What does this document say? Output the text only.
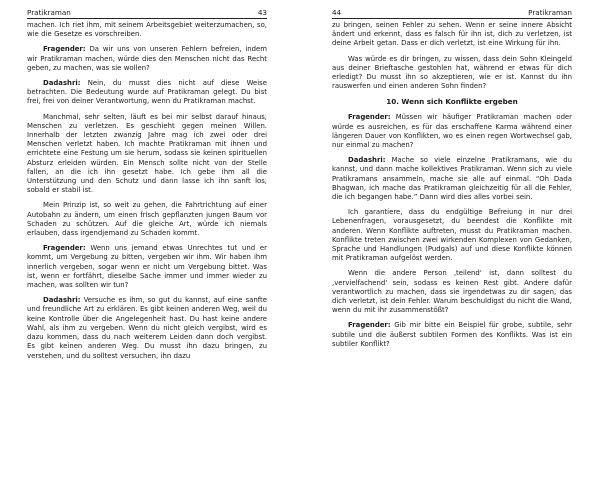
Pratikraman	43

machen. Ich riet ihm, mit seinem Arbeitsgebiet weiterzumachen, so, wie die Gesetze es vorschreiben.

Fragender: Da wir uns von unseren Fehlern befreien, indem wir Pratikraman machen, würde dies den Menschen nicht das Recht geben, zu machen, was sie wollen?

Dadashri: Nein, du musst dies nicht auf diese Weise betrachten. Die Bedeutung wurde auf Pratikraman gelegt. Du bist frei, frei von deiner Verantwortung, wenn du Pratikraman machst.

Manchmal, sehr selten, läuft es bei mir selbst darauf hinaus, Menschen zu verletzen. Es geschieht gegen meinen Willen. Innerhalb der letzten zwanzig Jahre mag ich zwei oder drei Menschen verletzt haben. Ich machte Pratikraman mit ihnen und errichtete eine Festung um sie herum, sodass sie keinen spirituellen Absturz erleiden würden. Ein Mensch sollte nicht von der Stelle fallen, an die ich ihn gesetzt habe. Ich gebe ihm all die Unterstützung und den Schutz und dann lasse ich ihn sanft los, sobald er stabil ist.

Mein Prinzip ist, so weit zu gehen, die Fahrtrichtung auf einer Autobahn zu ändern, um einen frisch gepflanzten jungen Baum vor Schaden zu schützen. Auf die gleiche Art, würde ich niemals erlauben, dass irgendjemand zu Schaden kommt.

Fragender: Wenn uns jemand etwas Unrechtes tut und er kommt, um Vergebung zu bitten, vergeben wir ihm. Wir haben ihm innerlich vergeben, sogar wenn er nicht um Vergebung bittet. Was ist, wenn er fortfährt, dieselbe Sache immer und immer wieder zu machen, was sollten wir tun?

Dadashri: Versuche es ihm, so gut du kannst, auf eine sanfte und freundliche Art zu erklären. Es gibt keinen anderen Weg, weil du keine Kontrolle über die Angelegenheit hast. Du hast keine andere Wahl, als ihm zu vergeben. Wenn du nicht gleich vergibst, wird es dazu kommen, dass du nach weiterem Leiden dann doch vergibst. Es gibt keinen anderen Weg. Du musst ihn dazu bringen, zu verstehen, und du solltest versuchen, ihn dazu

44	Pratikraman

zu bringen, seinen Fehler zu sehen. Wenn er seine innere Absicht ändert und erkennt, dass es falsch für ihn ist, dich zu verletzen, ist deine Arbeit getan. Dass er dich verletzt, ist eine Wirkung für ihn.

Was würde es dir bringen, zu wissen, dass dein Sohn Kleingeld aus deiner Brieftasche gestohlen hat, während er etwas für dich erledigt? Du musst ihn so akzeptieren, wie er ist. Kannst du ihn rauswerfen und einen anderen Sohn finden?

10. Wenn sich Konflikte ergeben

Fragender: Müssen wir häufiger Pratikraman machen oder würde es ausreichen, es für das erschaffene Karma während einer längeren Dauer von Konflikten, wo es einen regen Wortwechsel gab, nur einmal zu machen?

Dadashri: Mache so viele einzelne Pratikramans, wie du kannst, und dann mache kollektives Pratikraman. Wenn sich zu viele Pratikramans ansammeln, mache sie alle auf einmal. “Oh Dada Bhagwan, ich mache das Pratikraman gleichzeitig für all die Fehler, die ich begangen habe.” Dann wird dies alles vorbei sein.

Ich garantiere, dass du endgültige Befreiung in nur drei Lebenenfragen, vorausgesetzt, du beendest die Konflikte mit anderen. Wenn Konflikte auftreten, musst du Pratikraman machen. Konflikte treten zwischen zwei wirkenden Komplexen von Gedanken, Sprache und Handlungen (Pudgals) auf und diese Konflikte können mit Pratikraman aufgelöst werden.

Wenn die andere Person ‚teilend‘ ist, dann solltest du ‚vervielfachend‘ sein, sodass es keinen Rest gibt. Andere dafür verantwortlich zu machen, dass sie irgendetwas zu dir sagen, das dich verletzt, ist dein Fehler. Warum beschuldigst du nicht die Wand, wenn du mit ihr zusammenstößt?

Fragender: Gib mir bitte ein Beispiel für grobe, subtile, sehr subtile und die äußerst subtilen Formen des Konflikts. Was ist ein subtiler Konflikt?
